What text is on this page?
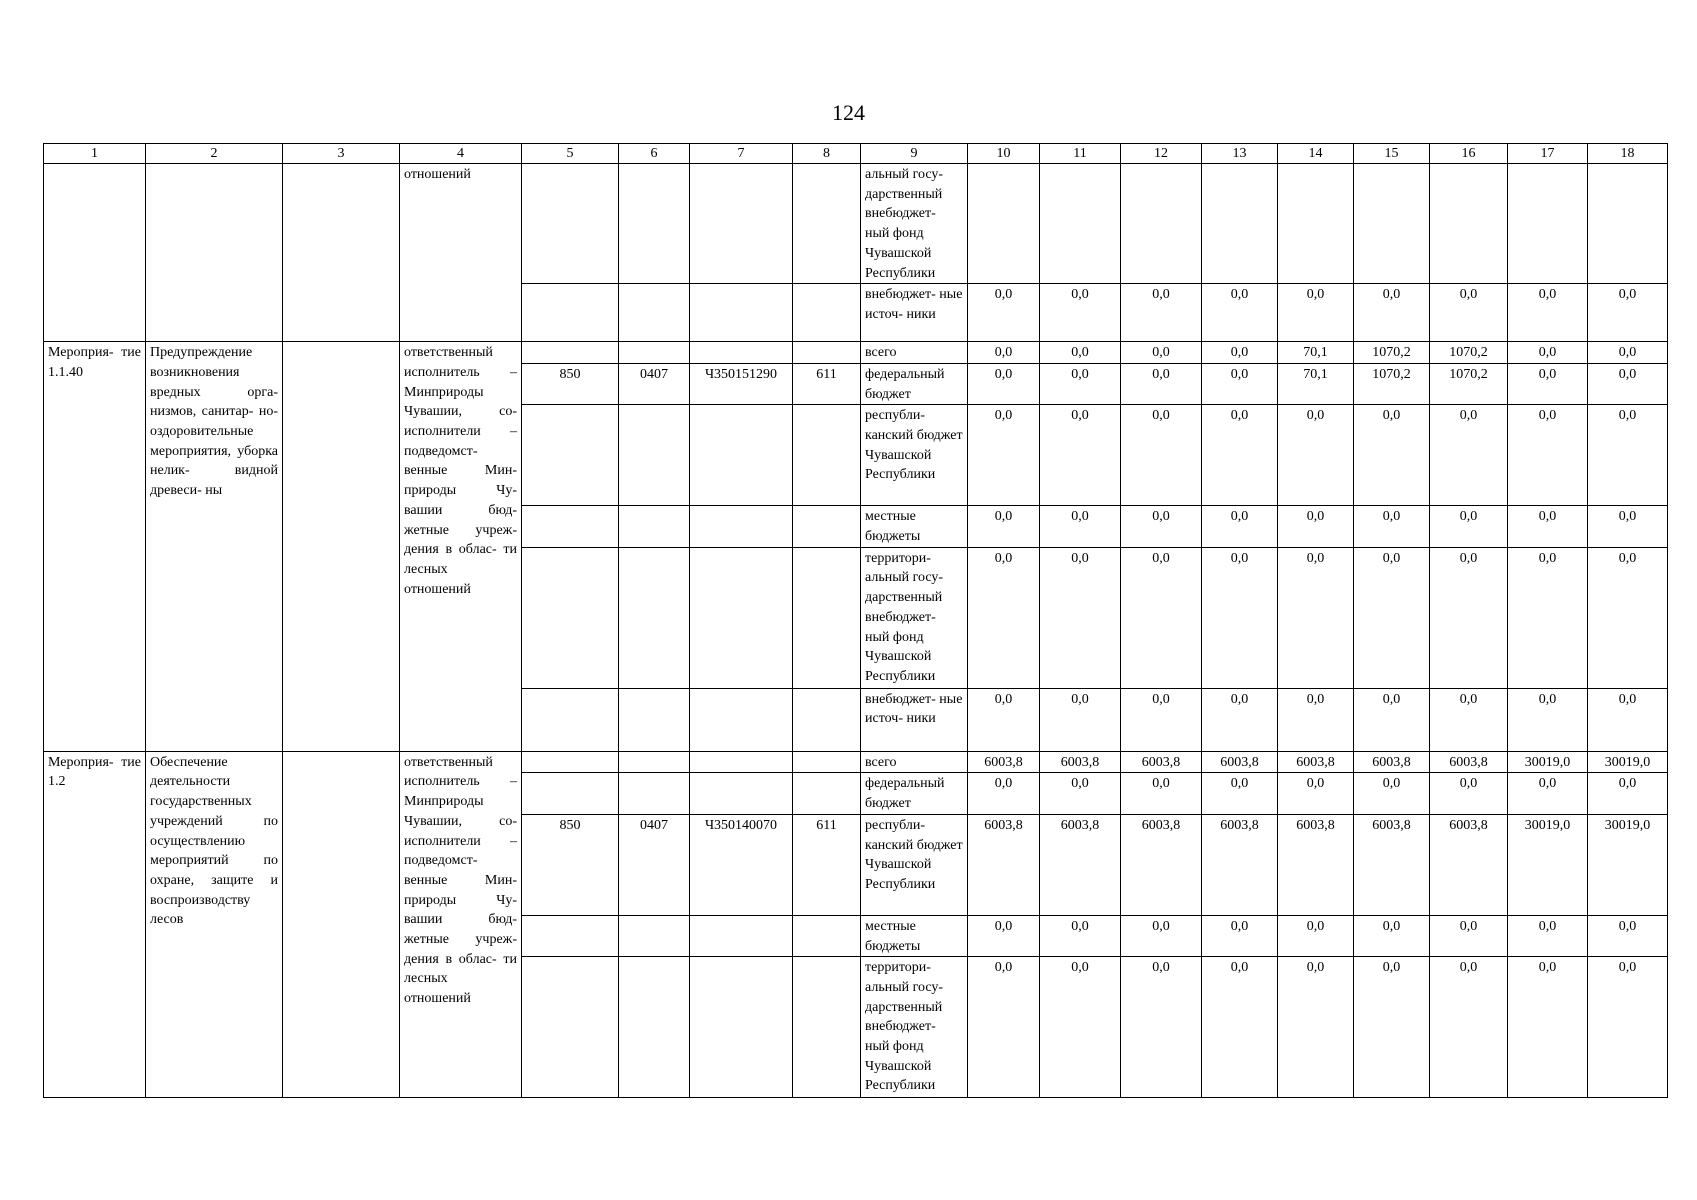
124
1	2	3	4	5	6	7	8	9	10	11	12	13	14	15	16	17	18
			отношений					альный госу- дарственный внебюджет- ный фонд Чувашской Республики									
								внебюджет- ные источ- ники	0,0	0,0	0,0	0,0	0,0	0,0	0,0	0,0	0,0
Мероприя- тие 1.1.40	Предупреждение возникновения вредных орга- низмов, санитар- но- оздоровительные мероприятия, уборка нелик- видной древеси- ны		ответственный исполнитель – Минприроды Чувашии, со- исполнители – подведомст- венные Мин- природы Чу- вашии бюд- жетные учреж- дения в облас- ти лесных отношений					всего	0,0	0,0	0,0	0,0	70,1	1070,2	1070,2	0,0	0,0
				850	0407	Ч350151290	611	федеральный бюджет	0,0	0,0	0,0	0,0	70,1	1070,2	1070,2	0,0	0,0
								республи- канский бюджет Чувашской Республики	0,0	0,0	0,0	0,0	0,0	0,0	0,0	0,0	0,0
								местные бюджеты	0,0	0,0	0,0	0,0	0,0	0,0	0,0	0,0	0,0
								территори- альный госу- дарственный внебюджет- ный фонд Чувашской Республики	0,0	0,0	0,0	0,0	0,0	0,0	0,0	0,0	0,0
								внебюджет- ные источ- ники	0,0	0,0	0,0	0,0	0,0	0,0	0,0	0,0	0,0
Мероприя- тие 1.2	Обеспечение деятельности государственных учреждений по осуществлению мероприятий по охране, защите и воспроизводству лесов		ответственный исполнитель – Минприроды Чувашии, со- исполнители – подведомст- венные Мин- природы Чу- вашии бюд- жетные учреж- дения в облас- ти лесных отношений					всего	6003,8	6003,8	6003,8	6003,8	6003,8	6003,8	6003,8	30019,0	30019,0
								федеральный бюджет	0,0	0,0	0,0	0,0	0,0	0,0	0,0	0,0	0,0
				850	0407	Ч350140070	611	республи- канский бюджет Чувашской Республики	6003,8	6003,8	6003,8	6003,8	6003,8	6003,8	6003,8	30019,0	30019,0
								местные бюджеты	0,0	0,0	0,0	0,0	0,0	0,0	0,0	0,0	0,0
								территори- альный госу- дарственный внебюджет- ный фонд Чувашской Республики	0,0	0,0	0,0	0,0	0,0	0,0	0,0	0,0	0,0
